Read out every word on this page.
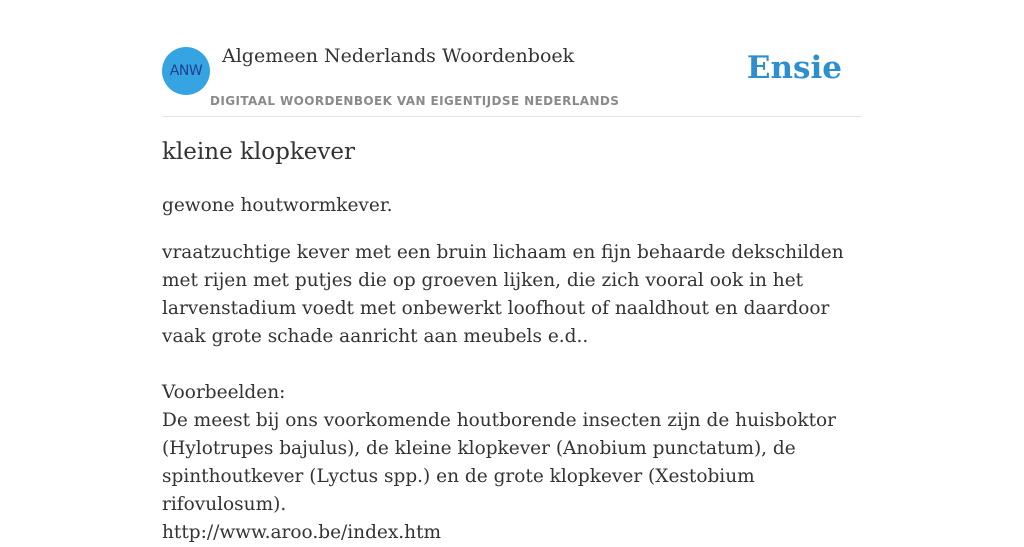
ANW
Algemeen Nederlands Woordenboek
DIGITAAL WOORDENBOEK VAN EIGENTIJDSE NEDERLANDS
Ensie
kleine klopkever

gewone houtwormkever.

vraatzuchtige kever met een bruin lichaam en fijn behaarde dekschilden met rijen met putjes die op groeven lijken, die zich vooral ook in het larvenstadium voedt met onbewerkt loofhout of naaldhout en daardoor vaak grote schade aanricht aan meubels e.d..

Voorbeelden:

De meest bij ons voorkomende houtborende insecten zijn de huisboktor (Hylotrupes bajulus), de kleine klopkever (Anobium punctatum), de spinthoutkever (Lyctus spp.) en de grote klopkever (Xestobium rifovulosum).

http://www.aroo.be/index.htm
